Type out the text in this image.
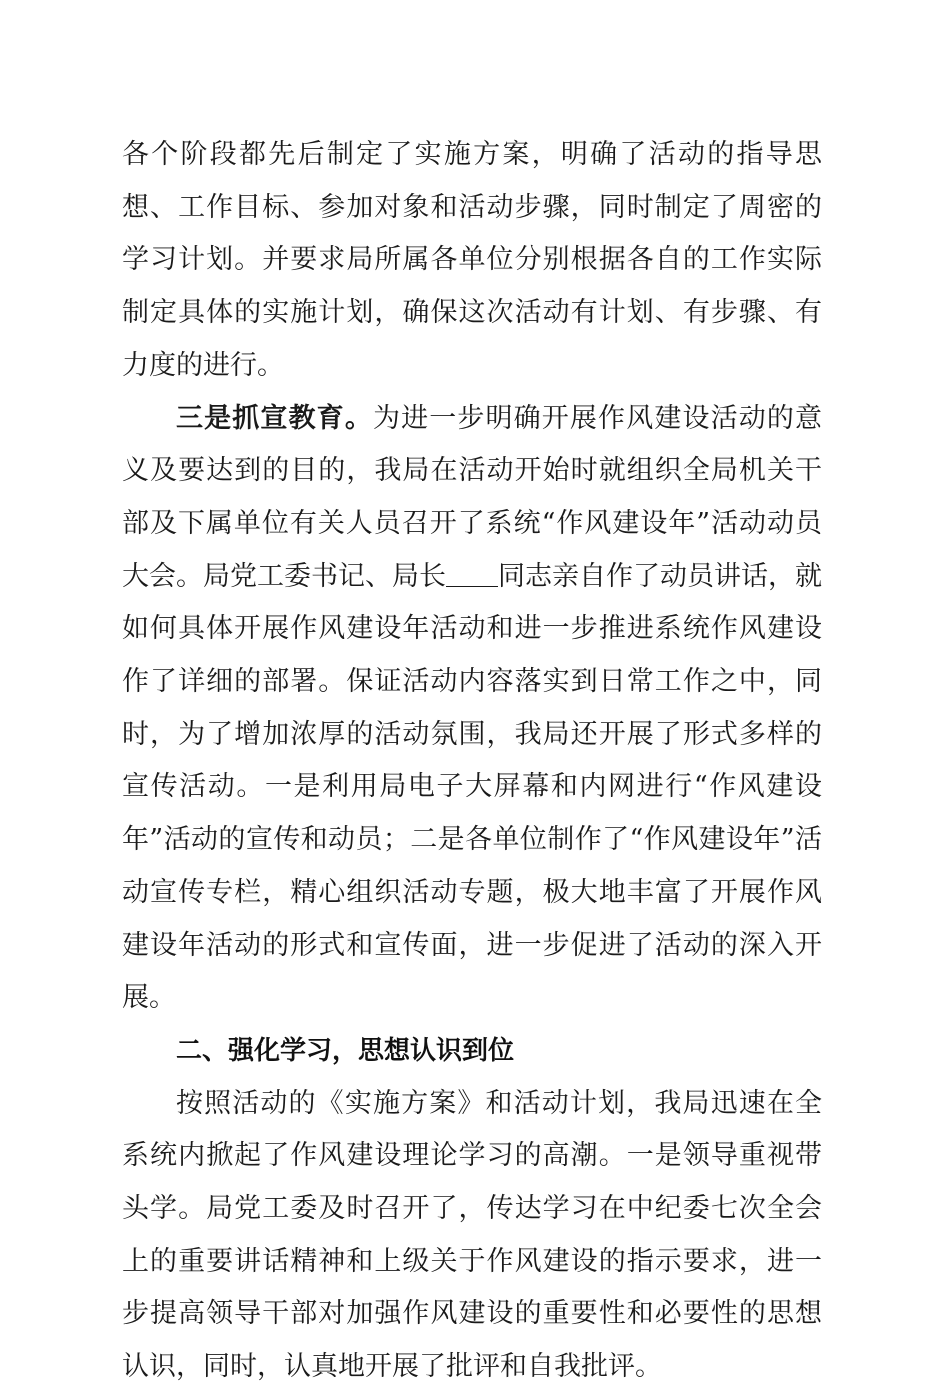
各个阶段都先后制定了实施方案，明确了活动的指导思想、工作目标、参加对象和活动步骤，同时制定了周密的学习计划。并要求局所属各单位分别根据各自的工作实际制定具体的实施计划，确保这次活动有计划、有步骤、有力度的进行。

三是抓宣教育。为进一步明确开展作风建设活动的意义及要达到的目的，我局在活动开始时就组织全局机关干部及下属单位有关人员召开了系统“作风建设年”活动动员大会。局党工委书记、局长 同志亲自作了动员讲话，就如何具体开展作风建设年活动和进一步推进系统作风建设作了详细的部署。保证活动内容落实到日常工作之中，同时，为了增加浓厚的活动氛围，我局还开展了形式多样的宣传活动。一是利用局电子大屏幕和内网进行“作风建设年”活动的宣传和动员；二是各单位制作了“作风建设年”活动宣传专栏，精心组织活动专题，极大地丰富了开展作风建设年活动的形式和宣传面，进一步促进了活动的深入开展。

二、强化学习，思想认识到位

按照活动的《实施方案》和活动计划，我局迅速在全系统内掀起了作风建设理论学习的高潮。一是领导重视带头学。局党工委及时召开了，传达学习在中纪委七次全会上的重要讲话精神和上级关于作风建设的指示要求，进一步提高领导干部对加强作风建设的重要性和必要性的思想认识，同时，认真地开展了批评和自我批评。
